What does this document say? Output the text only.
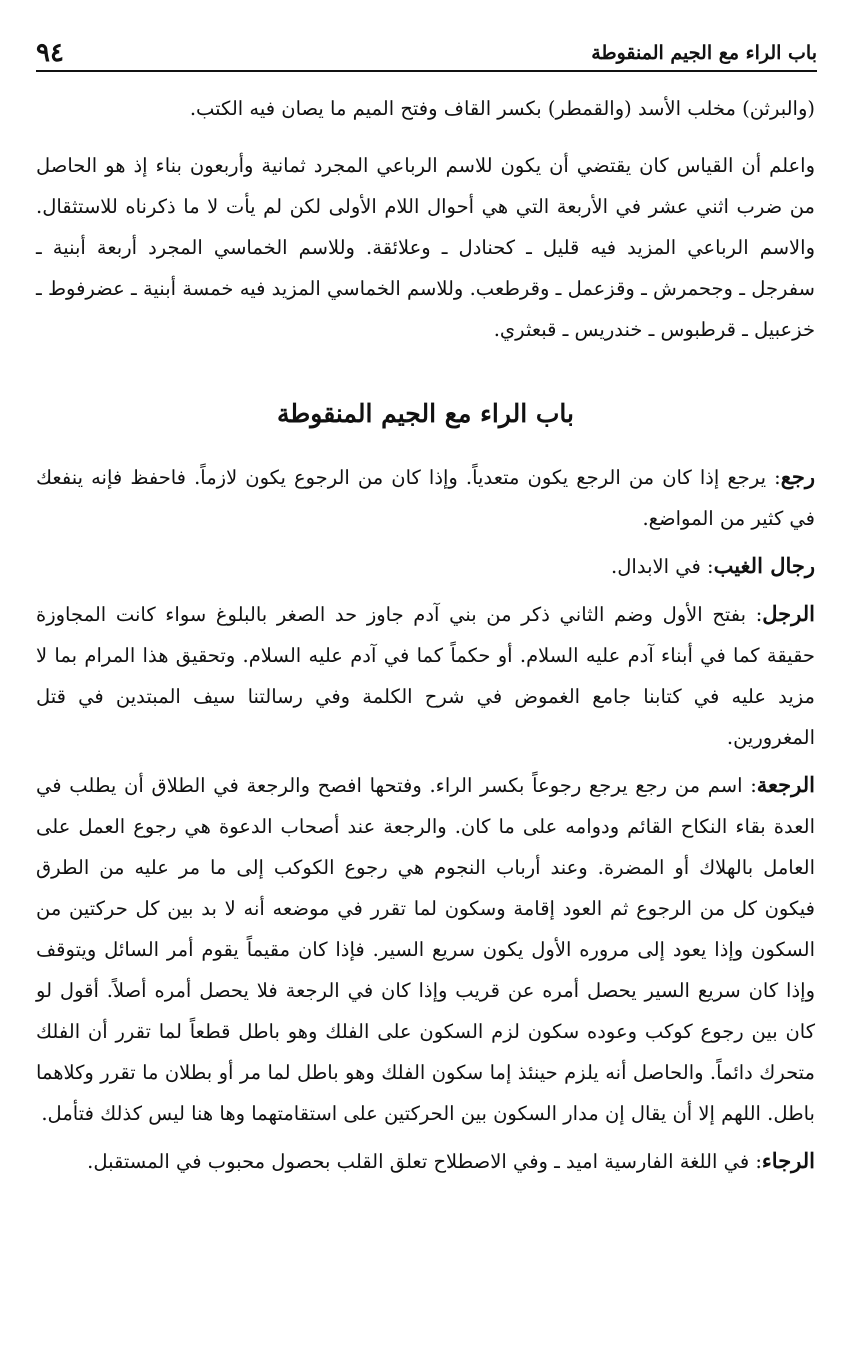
باب الراء مع الجيم المنقوطة
٩٤

(والبرثن) مخلب الأسد (والقمطر) بكسر القاف وفتح الميم ما يصان فيه الكتب.

واعلم أن القياس كان يقتضي أن يكون للاسم الرباعي المجرد ثمانية وأربعون بناء إذ هو الحاصل من ضرب اثني عشر في الأربعة التي هي أحوال اللام الأولى لكن لم يأت لا ما ذكرناه للاستثقال. والاسم الرباعي المزيد فيه قليل ـ كحنادل ـ وعلائقة. وللاسم الخماسي المجرد أربعة أبنية ـ سفرجل ـ وجحمرش ـ وقزعمل ـ وقرطعب. وللاسم الخماسي المزيد فيه خمسة أبنية ـ عضرفوط ـ خزعبيل ـ قرطبوس ـ خندريس ـ قبعثري.

باب الراء مع الجيم المنقوطة

رجع: يرجع إذا كان من الرجع يكون متعدياً. وإذا كان من الرجوع يكون لازماً. فاحفظ فإنه ينفعك في كثير من المواضع.

رجال الغيب: في الابدال.

الرجل: بفتح الأول وضم الثاني ذكر من بني آدم جاوز حد الصغر بالبلوغ سواء كانت المجاوزة حقيقة كما في أبناء آدم عليه السلام. أو حكماً كما في آدم عليه السلام. وتحقيق هذا المرام بما لا مزيد عليه في كتابنا جامع الغموض في شرح الكلمة وفي رسالتنا سيف المبتدين في قتل المغرورين.

الرجعة: اسم من رجع يرجع رجوعاً بكسر الراء. وفتحها افصح والرجعة في الطلاق أن يطلب في العدة بقاء النكاح القائم ودوامه على ما كان. والرجعة عند أصحاب الدعوة هي رجوع العمل على العامل بالهلاك أو المضرة. وعند أرباب النجوم هي رجوع الكوكب إلى ما مر عليه من الطرق فيكون كل من الرجوع ثم العود إقامة وسكون لما تقرر في موضعه أنه لا بد بين كل حركتين من السكون وإذا يعود إلى مروره الأول يكون سريع السير. فإذا كان مقيماً يقوم أمر السائل ويتوقف وإذا كان سريع السير يحصل أمره عن قريب وإذا كان في الرجعة فلا يحصل أمره أصلاً. أقول لو كان بين رجوع كوكب وعوده سكون لزم السكون على الفلك وهو باطل قطعاً لما تقرر أن الفلك متحرك دائماً. والحاصل أنه يلزم حينئذ إما سكون الفلك وهو باطل لما مر أو بطلان ما تقرر وكلاهما باطل. اللهم إلا أن يقال إن مدار السكون بين الحركتين على استقامتهما وها هنا ليس كذلك فتأمل.

الرجاء: في اللغة الفارسية اميد ـ وفي الاصطلاح تعلق القلب بحصول محبوب في المستقبل.
